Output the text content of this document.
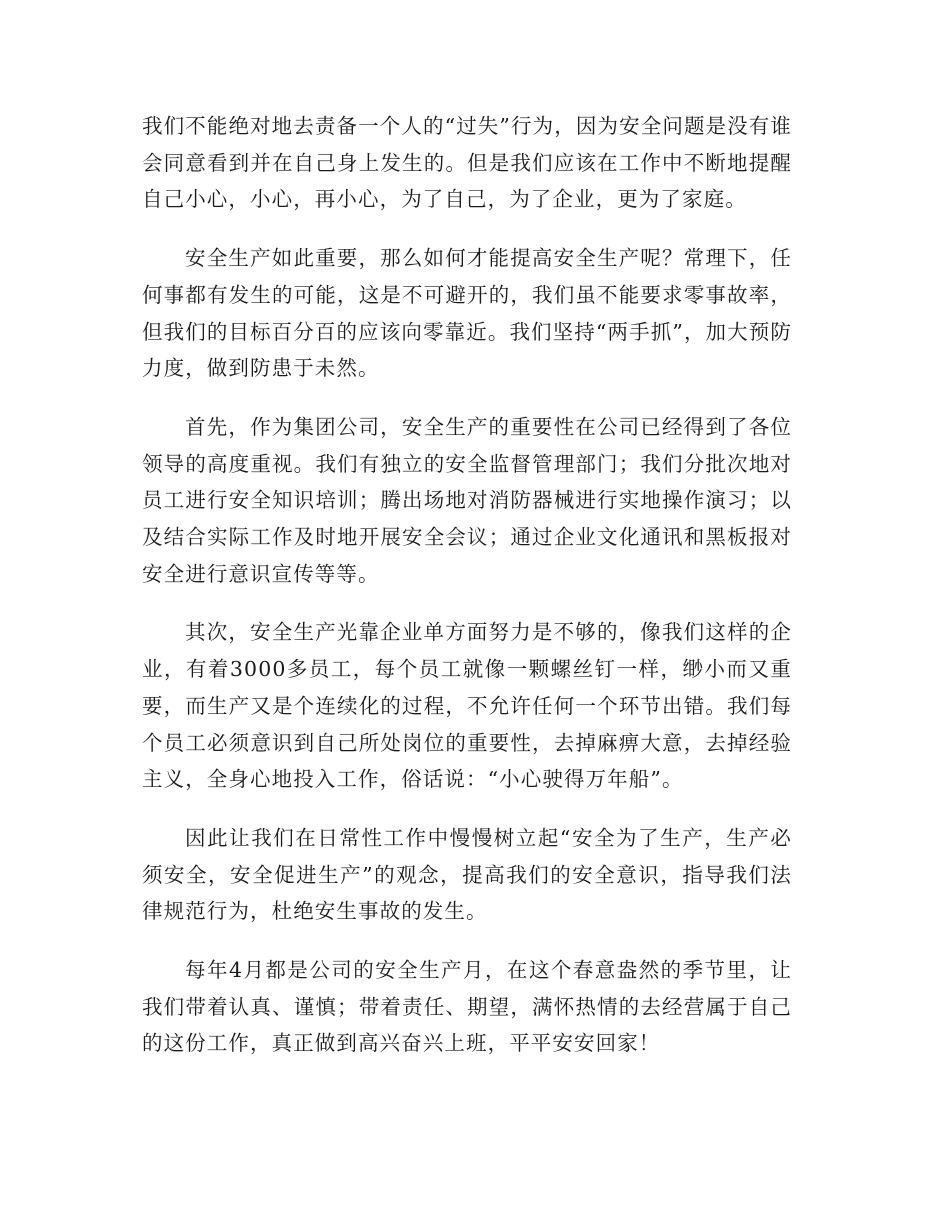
我们不能绝对地去责备一个人的“过失”行为，因为安全问题是没有谁会同意看到并在自己身上发生的。但是我们应该在工作中不断地提醒自己小心，小心，再小心，为了自己，为了企业，更为了家庭。

安全生产如此重要，那么如何才能提高安全生产呢？常理下，任何事都有发生的可能，这是不可避开的，我们虽不能要求零事故率，但我们的目标百分百的应该向零靠近。我们坚持“两手抓”，加大预防力度，做到防患于未然。

首先，作为集团公司，安全生产的重要性在公司已经得到了各位领导的高度重视。我们有独立的安全监督管理部门；我们分批次地对员工进行安全知识培训；腾出场地对消防器械进行实地操作演习；以及结合实际工作及时地开展安全会议；通过企业文化通讯和黑板报对安全进行意识宣传等等。

其次，安全生产光靠企业单方面努力是不够的，像我们这样的企业，有着3000多员工，每个员工就像一颗螺丝钉一样，缈小而又重要，而生产又是个连续化的过程，不允许任何一个环节出错。我们每个员工必须意识到自己所处岗位的重要性，去掉麻痹大意，去掉经验主义，全身心地投入工作，俗话说：“小心驶得万年船”。

因此让我们在日常性工作中慢慢树立起“安全为了生产，生产必须安全，安全促进生产”的观念，提高我们的安全意识，指导我们法律规范行为，杜绝安生事故的发生。

每年4月都是公司的安全生产月，在这个春意盎然的季节里，让我们带着认真、谨慎；带着责任、期望，满怀热情的去经营属于自己的这份工作，真正做到高兴奋兴上班，平平安安回家！
